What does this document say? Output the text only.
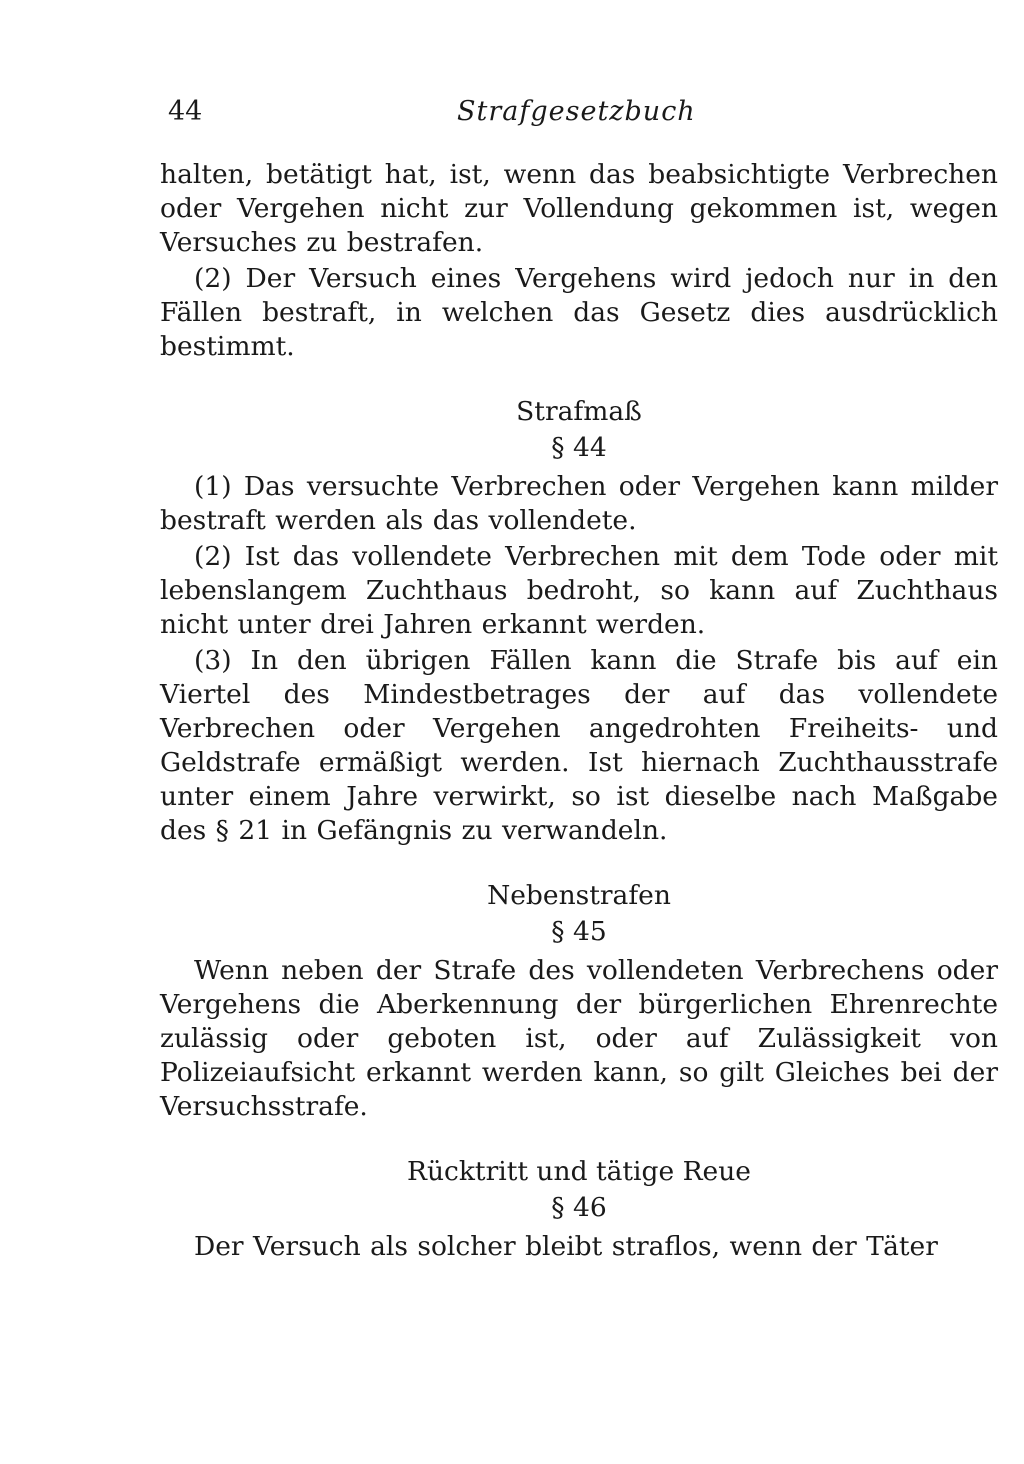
44	Strafgesetzbuch

halten, betätigt hat, ist, wenn das beabsichtigte Verbrechen oder Vergehen nicht zur Vollendung gekommen ist, wegen Versuches zu bestrafen.

(2) Der Versuch eines Vergehens wird jedoch nur in den Fällen bestraft, in welchen das Gesetz dies ausdrücklich bestimmt.

Strafmaß
§ 44

(1) Das versuchte Verbrechen oder Vergehen kann milder bestraft werden als das vollendete.

(2) Ist das vollendete Verbrechen mit dem Tode oder mit lebenslangem Zuchthaus bedroht, so kann auf Zuchthaus nicht unter drei Jahren erkannt werden.

(3) In den übrigen Fällen kann die Strafe bis auf ein Viertel des Mindestbetrages der auf das vollendete Verbrechen oder Vergehen angedrohten Freiheits- und Geldstrafe ermäßigt werden. Ist hiernach Zuchthausstrafe unter einem Jahre verwirkt, so ist dieselbe nach Maßgabe des § 21 in Gefängnis zu verwandeln.

Nebenstrafen
§ 45

Wenn neben der Strafe des vollendeten Verbrechens oder Vergehens die Aberkennung der bürgerlichen Ehrenrechte zulässig oder geboten ist, oder auf Zulässigkeit von Polizeiaufsicht erkannt werden kann, so gilt Gleiches bei der Versuchsstrafe.

Rücktritt und tätige Reue
§ 46

Der Versuch als solcher bleibt straflos, wenn der Täter
